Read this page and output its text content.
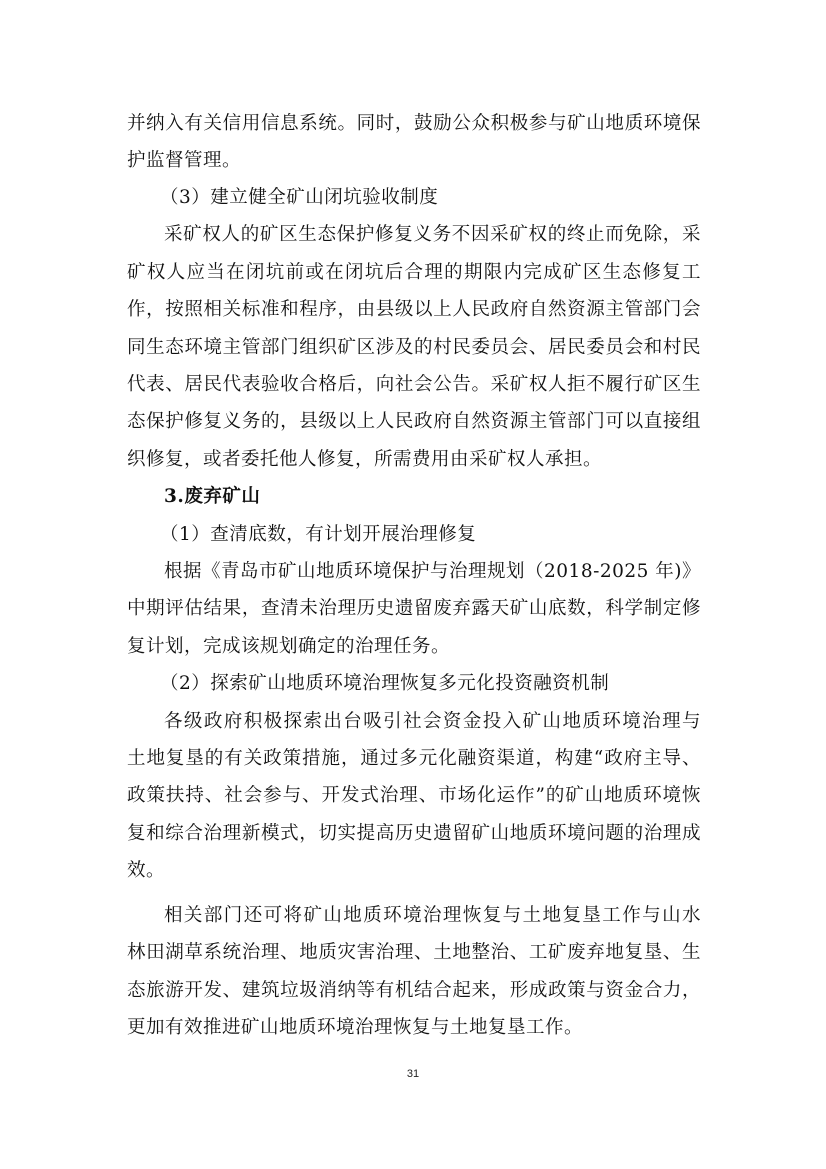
并纳入有关信用信息系统。同时，鼓励公众积极参与矿山地质环境保
护监督管理。
（3）建立健全矿山闭坑验收制度
采矿权人的矿区生态保护修复义务不因采矿权的终止而免除，采
矿权人应当在闭坑前或在闭坑后合理的期限内完成矿区生态修复工
作，按照相关标准和程序，由县级以上人民政府自然资源主管部门会
同生态环境主管部门组织矿区涉及的村民委员会、居民委员会和村民
代表、居民代表验收合格后，向社会公告。采矿权人拒不履行矿区生
态保护修复义务的，县级以上人民政府自然资源主管部门可以直接组
织修复，或者委托他人修复，所需费用由采矿权人承担。
3.废弃矿山
（1）查清底数，有计划开展治理修复
根据《青岛市矿山地质环境保护与治理规划（2018-2025 年)》
中期评估结果，查清未治理历史遗留废弃露天矿山底数，科学制定修
复计划，完成该规划确定的治理任务。
（2）探索矿山地质环境治理恢复多元化投资融资机制
各级政府积极探索出台吸引社会资金投入矿山地质环境治理与
土地复垦的有关政策措施，通过多元化融资渠道，构建“政府主导、
政策扶持、社会参与、开发式治理、市场化运作”的矿山地质环境恢
复和综合治理新模式，切实提高历史遗留矿山地质环境问题的治理成
效。
相关部门还可将矿山地质环境治理恢复与土地复垦工作与山水
林田湖草系统治理、地质灾害治理、土地整治、工矿废弃地复垦、生
态旅游开发、建筑垃圾消纳等有机结合起来，形成政策与资金合力，
更加有效推进矿山地质环境治理恢复与土地复垦工作。
31
